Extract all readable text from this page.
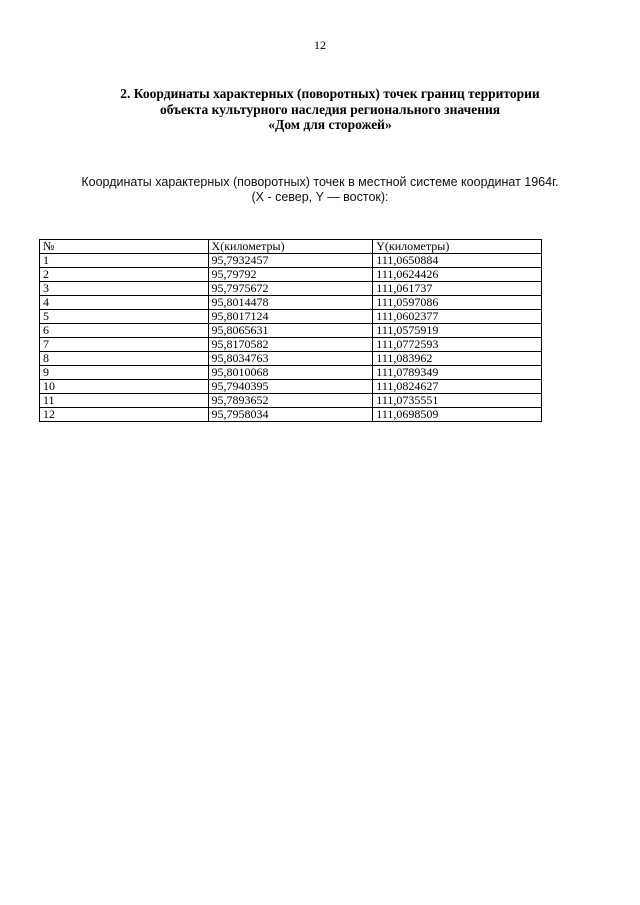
12
2. Координаты характерных (поворотных) точек границ территории
объекта культурного наследия регионального значения
«Дом для сторожей»
Координаты характерных (поворотных) точек в местной системе координат 1964г.
(X - север, Y — восток):
№	X(километры)	Y(километры)
1	95,7932457	111,0650884
2	95,79792	111,0624426
3	95,7975672	111,061737
4	95,8014478	111,0597086
5	95,8017124	111,0602377
6	95,8065631	111,0575919
7	95,8170582	111,0772593
8	95,8034763	111,083962
9	95,8010068	111,0789349
10	95,7940395	111,0824627
11	95,7893652	111,0735551
12	95,7958034	111,0698509
